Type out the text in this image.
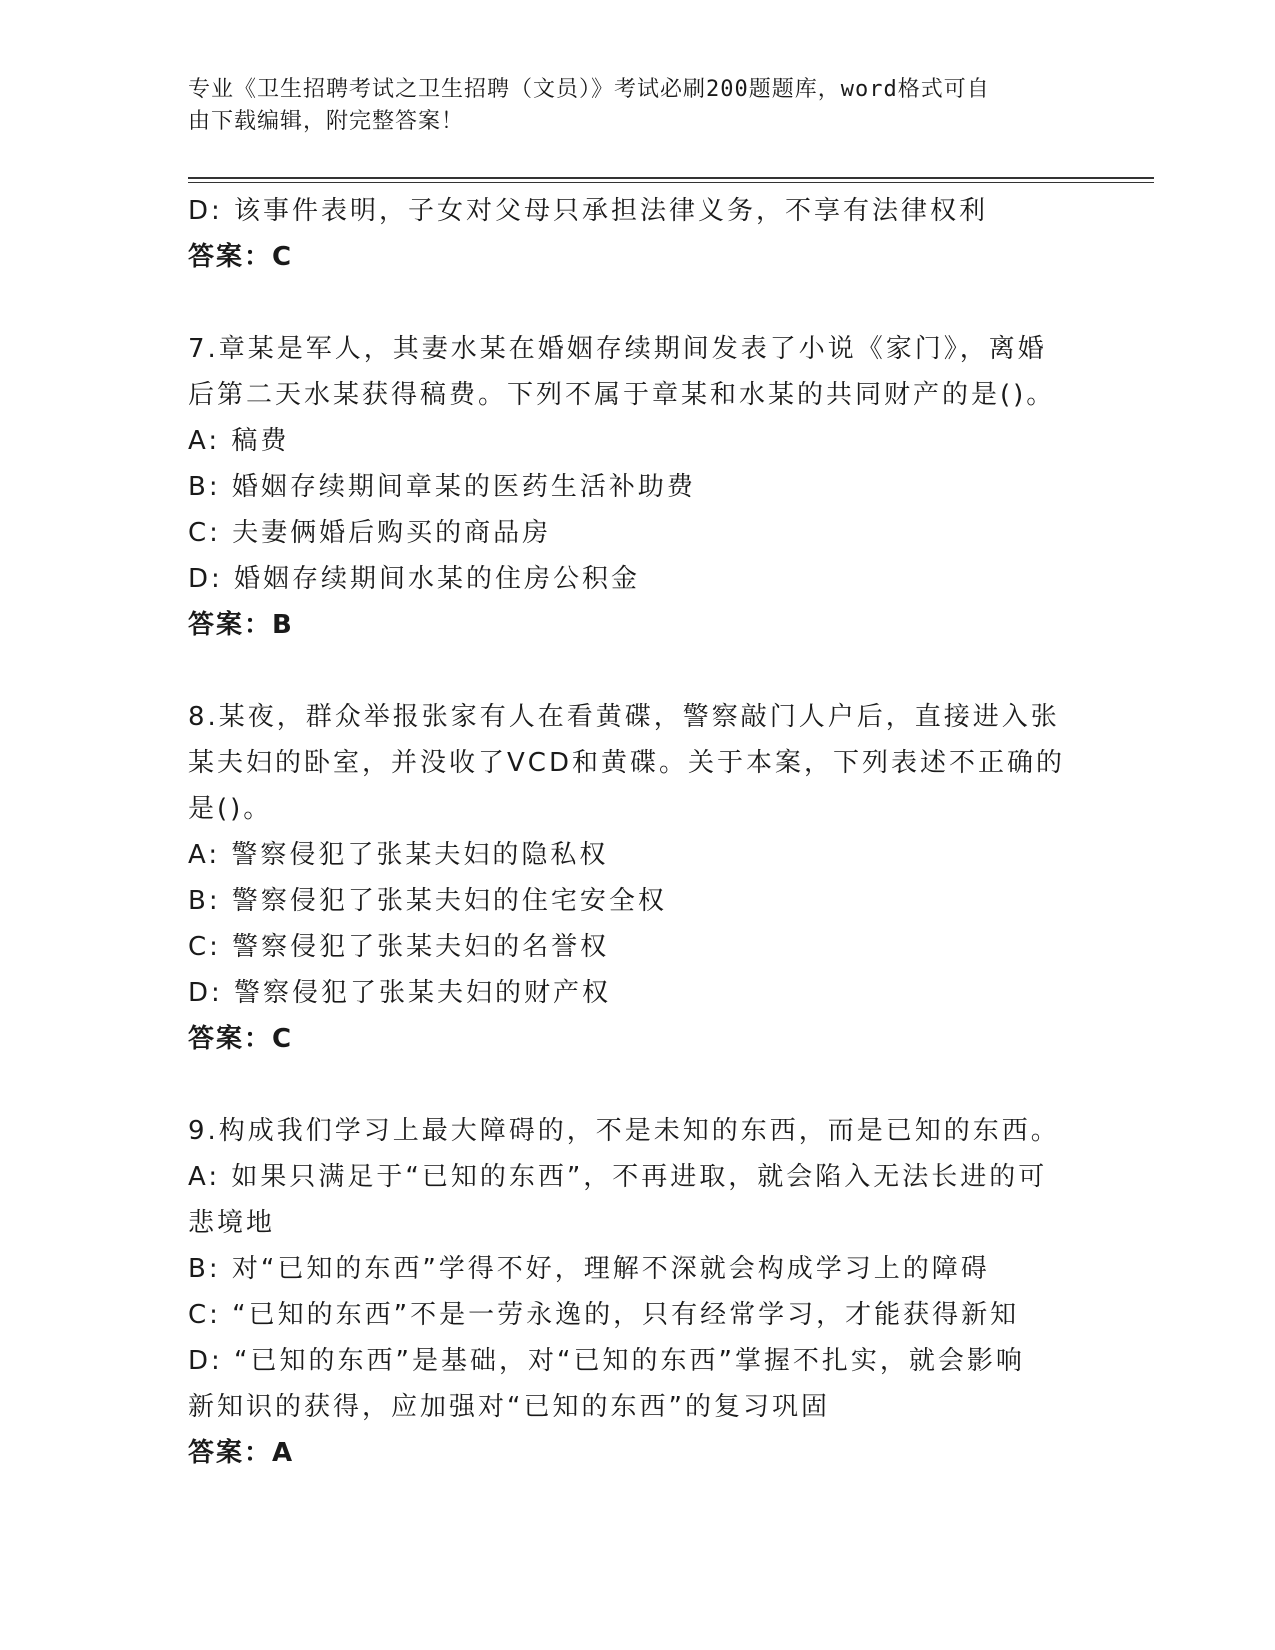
专业《卫生招聘考试之卫生招聘（文员）》考试必刷200题题库，word格式可自
由下载编辑，附完整答案！
D: 该事件表明，子女对父母只承担法律义务，不享有法律权利
答案：C
7.章某是军人，其妻水某在婚姻存续期间发表了小说《家门》，离婚
后第二天水某获得稿费。下列不属于章某和水某的共同财产的是()。
A: 稿费
B: 婚姻存续期间章某的医药生活补助费
C: 夫妻俩婚后购买的商品房
D: 婚姻存续期间水某的住房公积金
答案：B
8.某夜，群众举报张家有人在看黄碟，警察敲门人户后，直接进入张
某夫妇的卧室，并没收了VCD和黄碟。关于本案，下列表述不正确的
是()。
A: 警察侵犯了张某夫妇的隐私权
B: 警察侵犯了张某夫妇的住宅安全权
C: 警察侵犯了张某夫妇的名誉权
D: 警察侵犯了张某夫妇的财产权
答案：C
9.构成我们学习上最大障碍的，不是未知的东西，而是已知的东西。
A: 如果只满足于“已知的东西”，不再进取，就会陷入无法长进的可
悲境地
B: 对“已知的东西”学得不好，理解不深就会构成学习上的障碍
C: “已知的东西”不是一劳永逸的，只有经常学习，才能获得新知
D: “已知的东西”是基础，对“已知的东西”掌握不扎实，就会影响
新知识的获得，应加强对“已知的东西”的复习巩固
答案：A
